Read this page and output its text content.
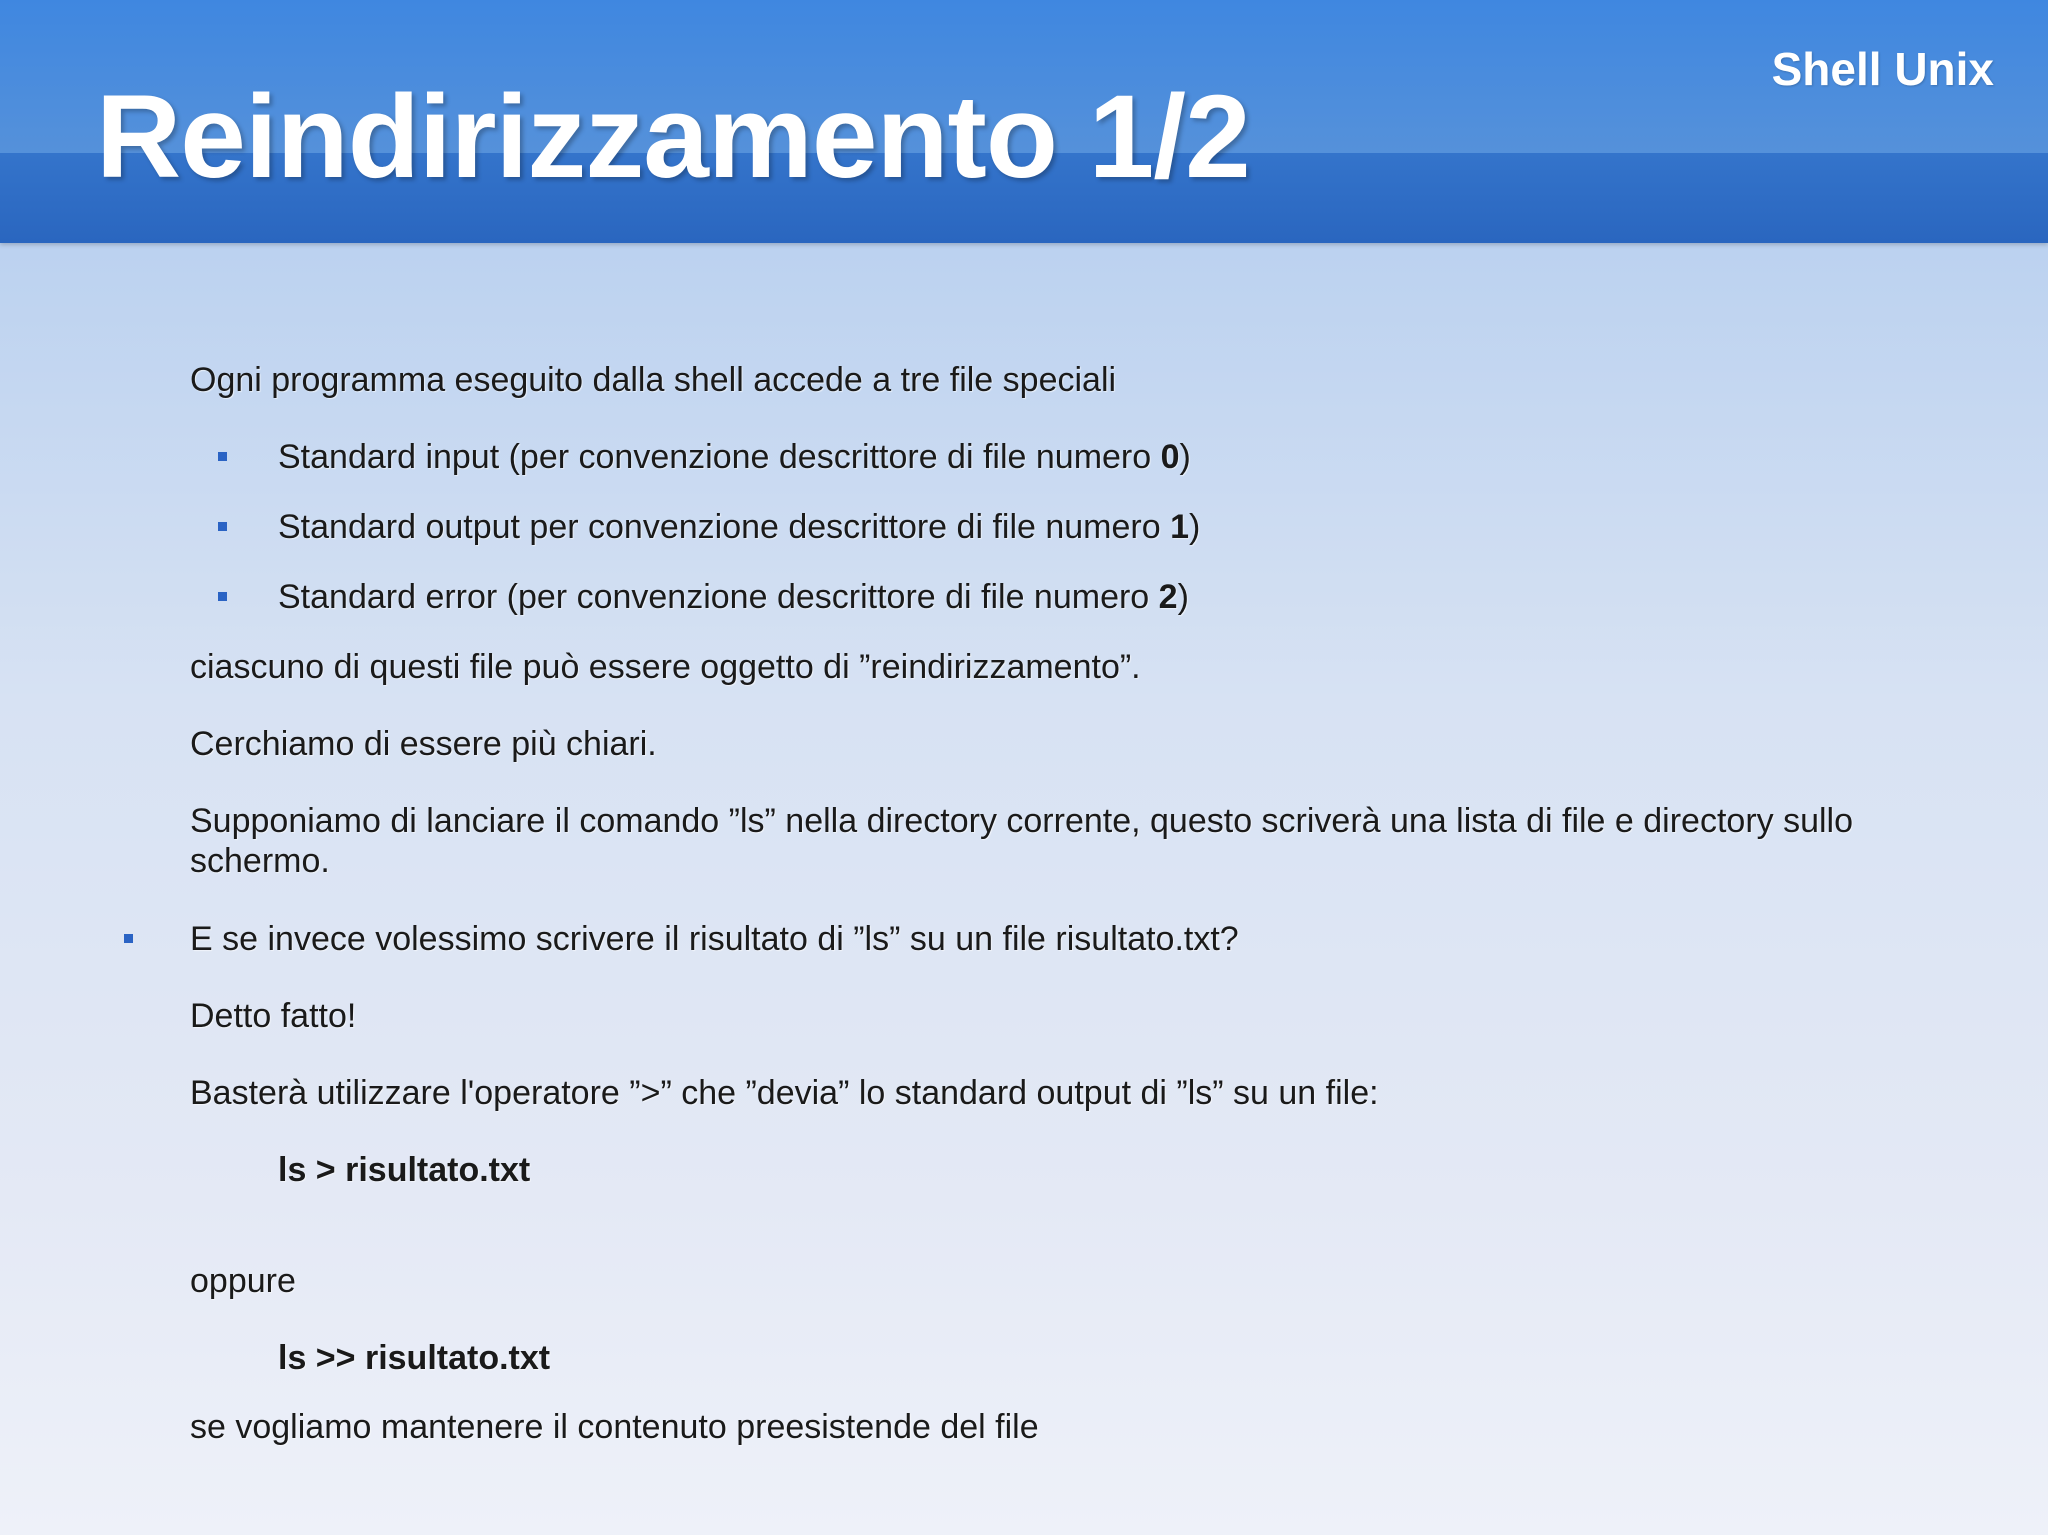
Reindirizzamento 1/2
Shell Unix
Ogni programma eseguito dalla shell accede a tre file speciali
Standard input (per convenzione descrittore di file numero 0)
Standard output per convenzione descrittore di file numero 1)
Standard error (per convenzione descrittore di file numero 2)
ciascuno di questi file può essere oggetto di ”reindirizzamento”.
Cerchiamo di essere più chiari.
Supponiamo di lanciare il comando ”ls” nella directory corrente, questo scriverà una lista di file e directory sullo schermo.
E se invece volessimo scrivere il risultato di ”ls” su un file risultato.txt?
Detto fatto!
Basterà utilizzare l'operatore ”>” che ”devia” lo standard output di ”ls” su un file:
ls > risultato.txt
oppure
ls >> risultato.txt
se vogliamo mantenere il contenuto preesistende del file
